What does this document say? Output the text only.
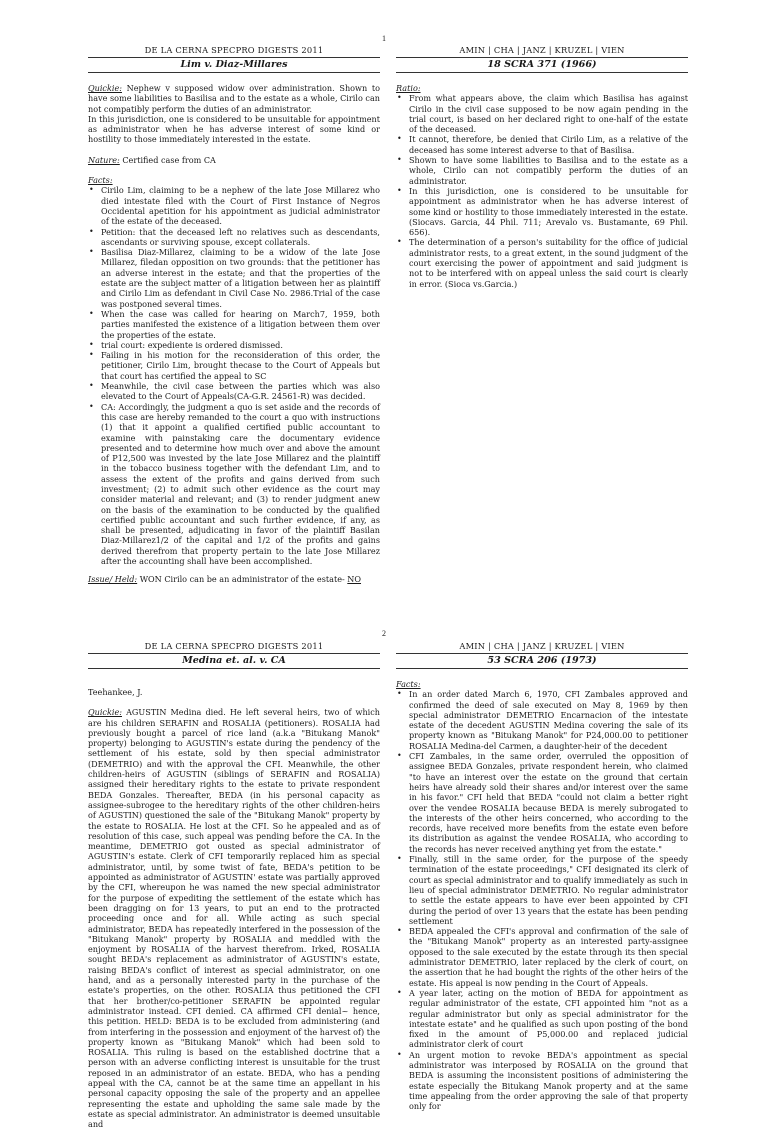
1
DE LA CERNA SPECPRO DIGESTS 2011
Lim v. Diaz-Millares

Quickie: Nephew v supposed widow over administration. Shown to have some liabilities to Basilisa and to the estate as a whole, Cirilo can not compatibly perform the duties of an administrator.
In this jurisdiction, one is considered to be unsuitable for appointment as administrator when he has adverse interest of some kind or hostility to those immediately interested in the estate.

Nature: Certified case from CA

Facts:
• Cirilo Lim, claiming to be a nephew of the late Jose Millarez who died intestate filed with the Court of First Instance of Negros Occidental apetition for his appointment as judicial administrator of the estate of the deceased.
• Petition: that the deceased left no relatives such as descendants, ascendants or surviving spouse, except collaterals.
• Basilisa Diaz-Millarez, claiming to be a widow of the late Jose Millarez, filedan opposition on two grounds: that the petitioner has an adverse interest in the estate; and that the properties of the estate are the subject matter of a litigation between her as plaintiff and Cirilo Lim as defendant in Civil Case No. 2986.Trial of the case was postponed several times.
• When the case was called for hearing on March7, 1959, both parties manifested the existence of a litigation between them over the properties of the estate.
• trial court: expediente is ordered dismissed.
• Failing in his motion for the reconsideration of this order, the petitioner, Cirilo Lim, brought thecase to the Court of Appeals but that court has certified the appeal to SC
• Meanwhile, the civil case between the parties which was also elevated to the Court of Appeals(CA-G.R. 24561-R) was decided.
• CA: Accordingly, the judgment a quo is set aside and the records of this case are hereby remanded to the court a quo with instructions (1) that it appoint a qualified certified public accountant to examine with painstaking care the documentary evidence presented and to determine how much over and above the amount of P12,500 was invested by the late Jose Millarez and the plaintiff in the tobacco business together with the defendant Lim, and to assess the extent of the profits and gains derived from such investment; (2) to admit such other evidence as the court may consider material and relevant; and (3) to render judgment anew on the basis of the examination to be conducted by the qualified certified public accountant and such further evidence, if any, as shall be presented, adjudicating in favor of the plaintiff Basilan Diaz-Millarez1/2 of the capital and 1/2 of the profits and gains derived therefrom that property pertain to the late Jose Millarez after the accounting shall have been accomplished.

Issue/ Held: WON Cirilo can be an administrator of the estate- NO

AMIN | CHA | JANZ | KRUZEL | VIEN
18 SCRA 371 (1966)
Ratio:
• From what appears above, the claim which Basilisa has against Cirilo in the civil case supposed to be now again pending in the trial court, is based on her declared right to one-half of the estate of the deceased.
• It cannot, therefore, be denied that Cirilo Lim, as a relative of the deceased has some interest adverse to that of Basilisa.
• Shown to have some liabilities to Basilisa and to the estate as a whole, Cirilo can not compatibly perform the duties of an administrator.
• In this jurisdiction, one is considered to be unsuitable for appointment as administrator when he has adverse interest of some kind or hostility to those immediately interested in the estate. (Siocavs. Garcia, 44 Phil. 711; Arevalo vs. Bustamante, 69 Phil. 656).
• The determination of a person's suitability for the office of judicial administrator rests, to a great extent, in the sound judgment of the court exercising the power of appointment and said judgment is not to be interfered with on appeal unless the said court is clearly in error. (Sioca vs.Garcia.)
2
DE LA CERNA SPECPRO DIGESTS 2011
Medina et. al. v. CA

Teehankee, J.

Quickie: AGUSTIN Medina died. He left several heirs, two of which are his children SERAFIN and ROSALIA (petitioners). ROSALIA had previously bought a parcel of rice land (a.k.a "Bitukang Manok" property) belonging to AGUSTIN's estate during the pendency of the settlement of his estate, sold by then special administrator (DEMETRIO) and with the approval the CFI. Meanwhile, the other children-heirs of AGUSTIN (siblings of SERAFIN and ROSALIA) assigned their hereditary rights to the estate to private respondent BEDA Gonzales. Thereafter, BEDA (in his personal capacity as assignee-subrogee to the hereditary rights of the other children-heirs of AGUSTIN) questioned the sale of the "Bitukang Manok" property by the estate to ROSALIA. He lost at the CFI. So he appealed and as of resolution of this case, such appeal was pending before the CA. In the meantime, DEMETRIO got ousted as special administrator of AGUSTIN's estate. Clerk of CFI temporarily replaced him as special administrator, until, by some twist of fate, BEDA's petition to be appointed as administrator of AGUSTIN' estate was partially approved by the CFI, whereupon he was named the new special administrator for the purpose of expediting the settlement of the estate which has been dragging on for 13 years, to put an end to the protracted proceeding once and for all. While acting as such special administrator, BEDA has repeatedly interfered in the possession of the "Bitukang Manok" property by ROSALIA and meddled with the enjoyment by ROSALIA of the harvest therefrom. Irked, ROSALIA sought BEDA's replacement as administrator of AGUSTIN's estate, raising BEDA's conflict of interest as special administrator, on one hand, and as a personally interested party in the purchase of the estate's properties, on the other. ROSALIA thus petitioned the CFI that her brother/co-petitioner SERAFIN be appointed regular administrator instead. CFI denied. CA affirmed CFI denial~ hence, this petition. HELD: BEDA is to be excluded from administering (and from interfering in the possession and enjoyment of the harvest of) the property known as "Bitukang Manok" which had been sold to ROSALIA. This ruling is based on the established doctrine that a person with an adverse conflicting interest is unsuitable for the trust reposed in an administrator of an estate. BEDA, who has a pending appeal with the CA, cannot be at the same time an appellant in his personal capacity opposing the sale of the property and an appellee representing the estate and upholding the same sale made by the estate as special administrator. An administrator is deemed unsuitable and

AMIN | CHA | JANZ | KRUZEL | VIEN
53 SCRA 206 (1973)
Facts:
• In an order dated March 6, 1970, CFI Zambales approved and confirmed the deed of sale executed on May 8, 1969 by then special administrator DEMETRIO Encarnacion of the intestate estate of the decedent AGUSTIN Medina covering the sale of its property known as "Bitukang Manok" for P24,000.00 to petitioner ROSALIA Medina-del Carmen, a daughter-heir of the decedent
• CFI Zambales, in the same order, overruled the opposition of assignee BEDA Gonzales, private respondent herein, who claimed "to have an interest over the estate on the ground that certain heirs have already sold their shares and/or interest over the same in his favor." CFI held that BEDA "could not claim a better right over the vendee ROSALIA because BEDA is merely subrogated to the interests of the other heirs concerned, who according to the records, have received more benefits from the estate even before its distribution as against the vendee ROSALIA, who according to the records has never received anything yet from the estate."
• Finally, still in the same order, for the purpose of the speedy termination of the estate proceedings," CFI designated its clerk of court as special administrator and to qualify immediately as such in lieu of special administrator DEMETRIO. No regular administrator to settle the estate appears to have ever been appointed by CFI during the period of over 13 years that the estate has been pending settlement
• BEDA appealed the CFI's approval and confirmation of the sale of the "Bitukang Manok" property as an interested party-assignee opposed to the sale executed by the estate through its then special administrator DEMETRIO, later replaced by the clerk of court, on the assertion that he had bought the rights of the other heirs of the estate. His appeal is now pending in the Court of Appeals.
• A year later, acting on the motion of BEDA for appointment as regular administrator of the estate, CFI appointed him "not as a regular administrator but only as special administrator for the intestate estate" and he qualified as such upon posting of the bond fixed in the amount of P5,000.00 and replaced judicial administrator clerk of court
• An urgent motion to revoke BEDA's appointment as special administrator was interposed by ROSALIA on the ground that BEDA is assuming the inconsistent positions of administering the estate especially the Bitukang Manok property and at the same time appealing from the order approving the sale of that property only for
